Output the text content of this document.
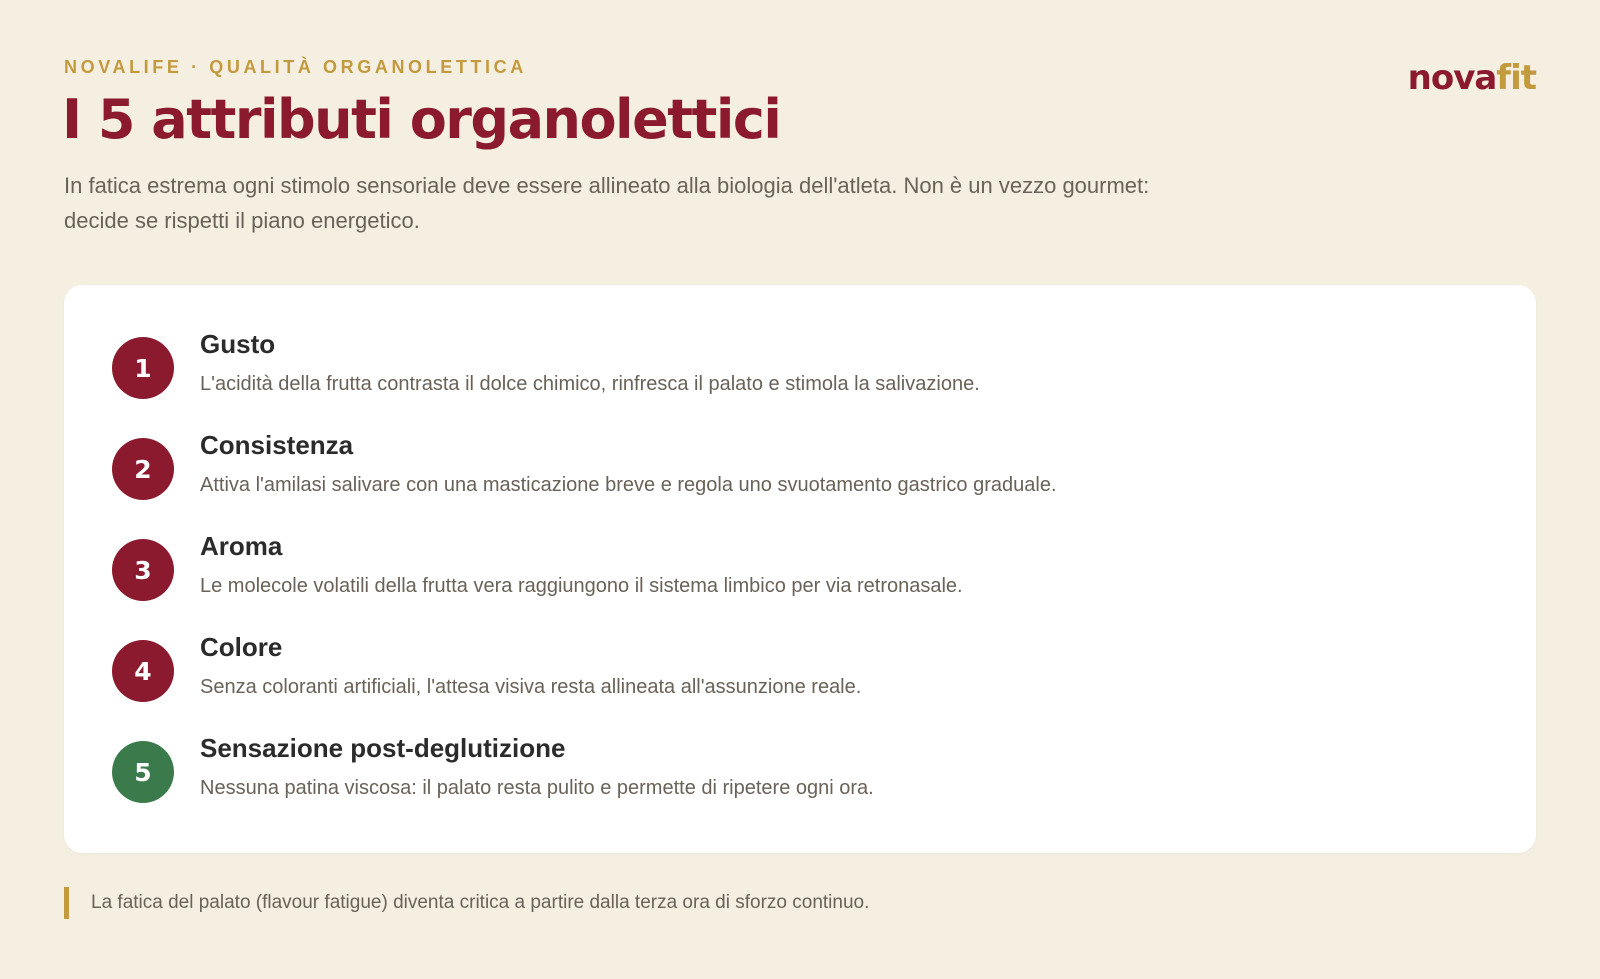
NOVALIFE · QUALITÀ ORGANOLETTICA	novafit
I 5 attributi organolettici

In fatica estrema ogni stimolo sensoriale deve essere allineato alla biologia dell'atleta. Non è un vezzo gourmet: decide se rispetti il piano energetico.

1
Gusto
L'acidità della frutta contrasta il dolce chimico, rinfresca il palato e stimola la salivazione.
2
Consistenza
Attiva l'amilasi salivare con una masticazione breve e regola uno svuotamento gastrico graduale.
3
Aroma
Le molecole volatili della frutta vera raggiungono il sistema limbico per via retronasale.
4
Colore
Senza coloranti artificiali, l'attesa visiva resta allineata all'assunzione reale.
5
Sensazione post-deglutizione
Nessuna patina viscosa: il palato resta pulito e permette di ripetere ogni ora.
La fatica del palato (flavour fatigue) diventa critica a partire dalla terza ora di sforzo continuo.
